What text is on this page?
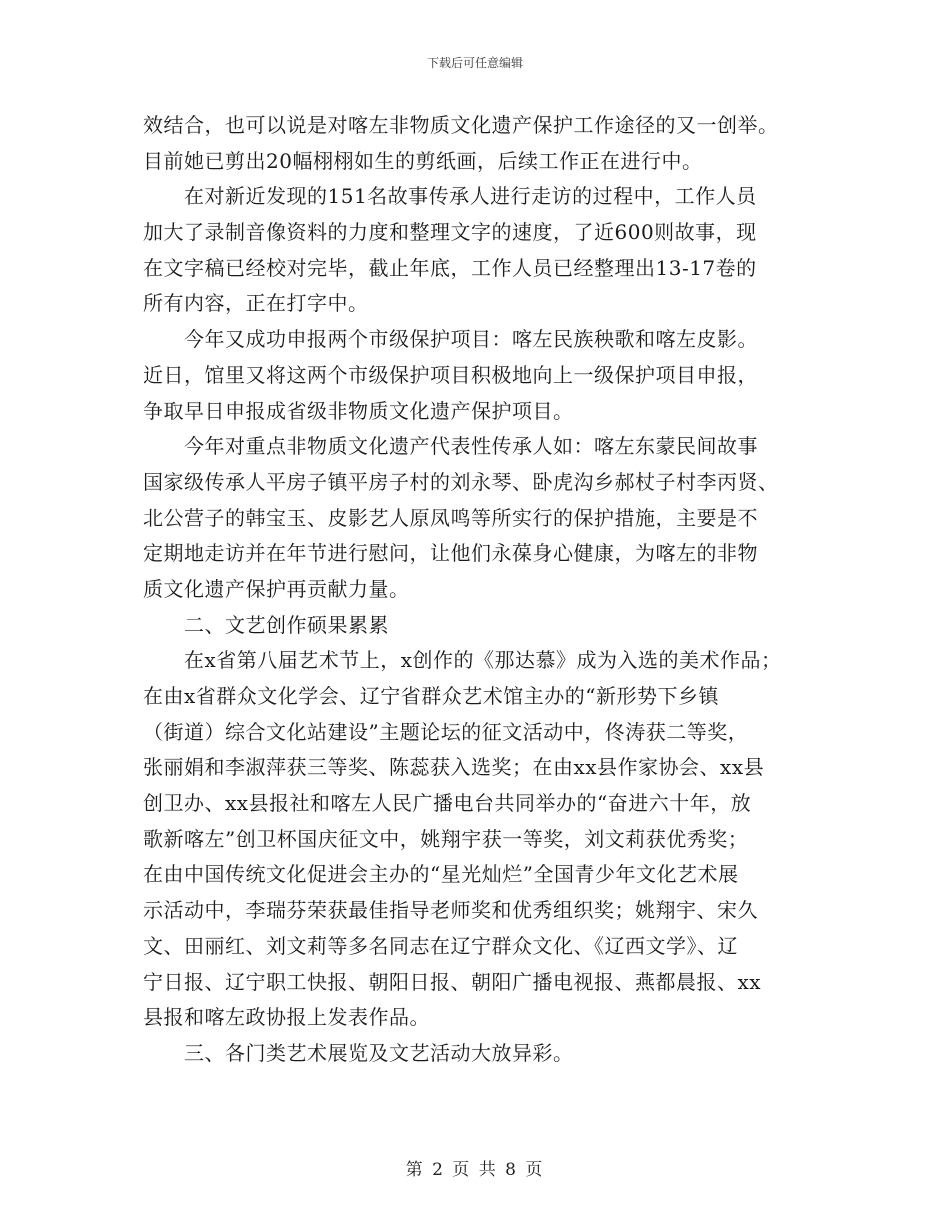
下载后可任意编辑
效结合，也可以说是对喀左非物质文化遗产保护工作途径的又一创举。
目前她已剪出20幅栩栩如生的剪纸画，后续工作正在进行中。
　　在对新近发现的151名故事传承人进行走访的过程中，工作人员
加大了录制音像资料的力度和整理文字的速度，了近600则故事，现
在文字稿已经校对完毕，截止年底，工作人员已经整理出13-17卷的
所有内容，正在打字中。
　　今年又成功申报两个市级保护项目：喀左民族秧歌和喀左皮影。
近日，馆里又将这两个市级保护项目积极地向上一级保护项目申报，
争取早日申报成省级非物质文化遗产保护项目。
　　今年对重点非物质文化遗产代表性传承人如：喀左东蒙民间故事
国家级传承人平房子镇平房子村的刘永琴、卧虎沟乡郝杖子村李丙贤、
北公营子的韩宝玉、皮影艺人原凤鸣等所实行的保护措施，主要是不
定期地走访并在年节进行慰问，让他们永葆身心健康，为喀左的非物
质文化遗产保护再贡献力量。
　　二、文艺创作硕果累累
　　在x省第八届艺术节上，x创作的《那达慕》成为入选的美术作品；
在由x省群众文化学会、辽宁省群众艺术馆主办的“新形势下乡镇
（街道）综合文化站建设”主题论坛的征文活动中，佟涛获二等奖，
张丽娟和李淑萍获三等奖、陈蕊获入选奖；在由xx县作家协会、xx县
创卫办、xx县报社和喀左人民广播电台共同举办的“奋进六十年，放
歌新喀左”创卫杯国庆征文中，姚翔宇获一等奖，刘文莉获优秀奖；
在由中国传统文化促进会主办的“星光灿烂”全国青少年文化艺术展
示活动中，李瑞芬荣获最佳指导老师奖和优秀组织奖；姚翔宇、宋久
文、田丽红、刘文莉等多名同志在辽宁群众文化、《辽西文学》、辽
宁日报、辽宁职工快报、朝阳日报、朝阳广播电视报、燕都晨报、xx
县报和喀左政协报上发表作品。
　　三、各门类艺术展览及文艺活动大放异彩。
第 2 页 共 8 页
